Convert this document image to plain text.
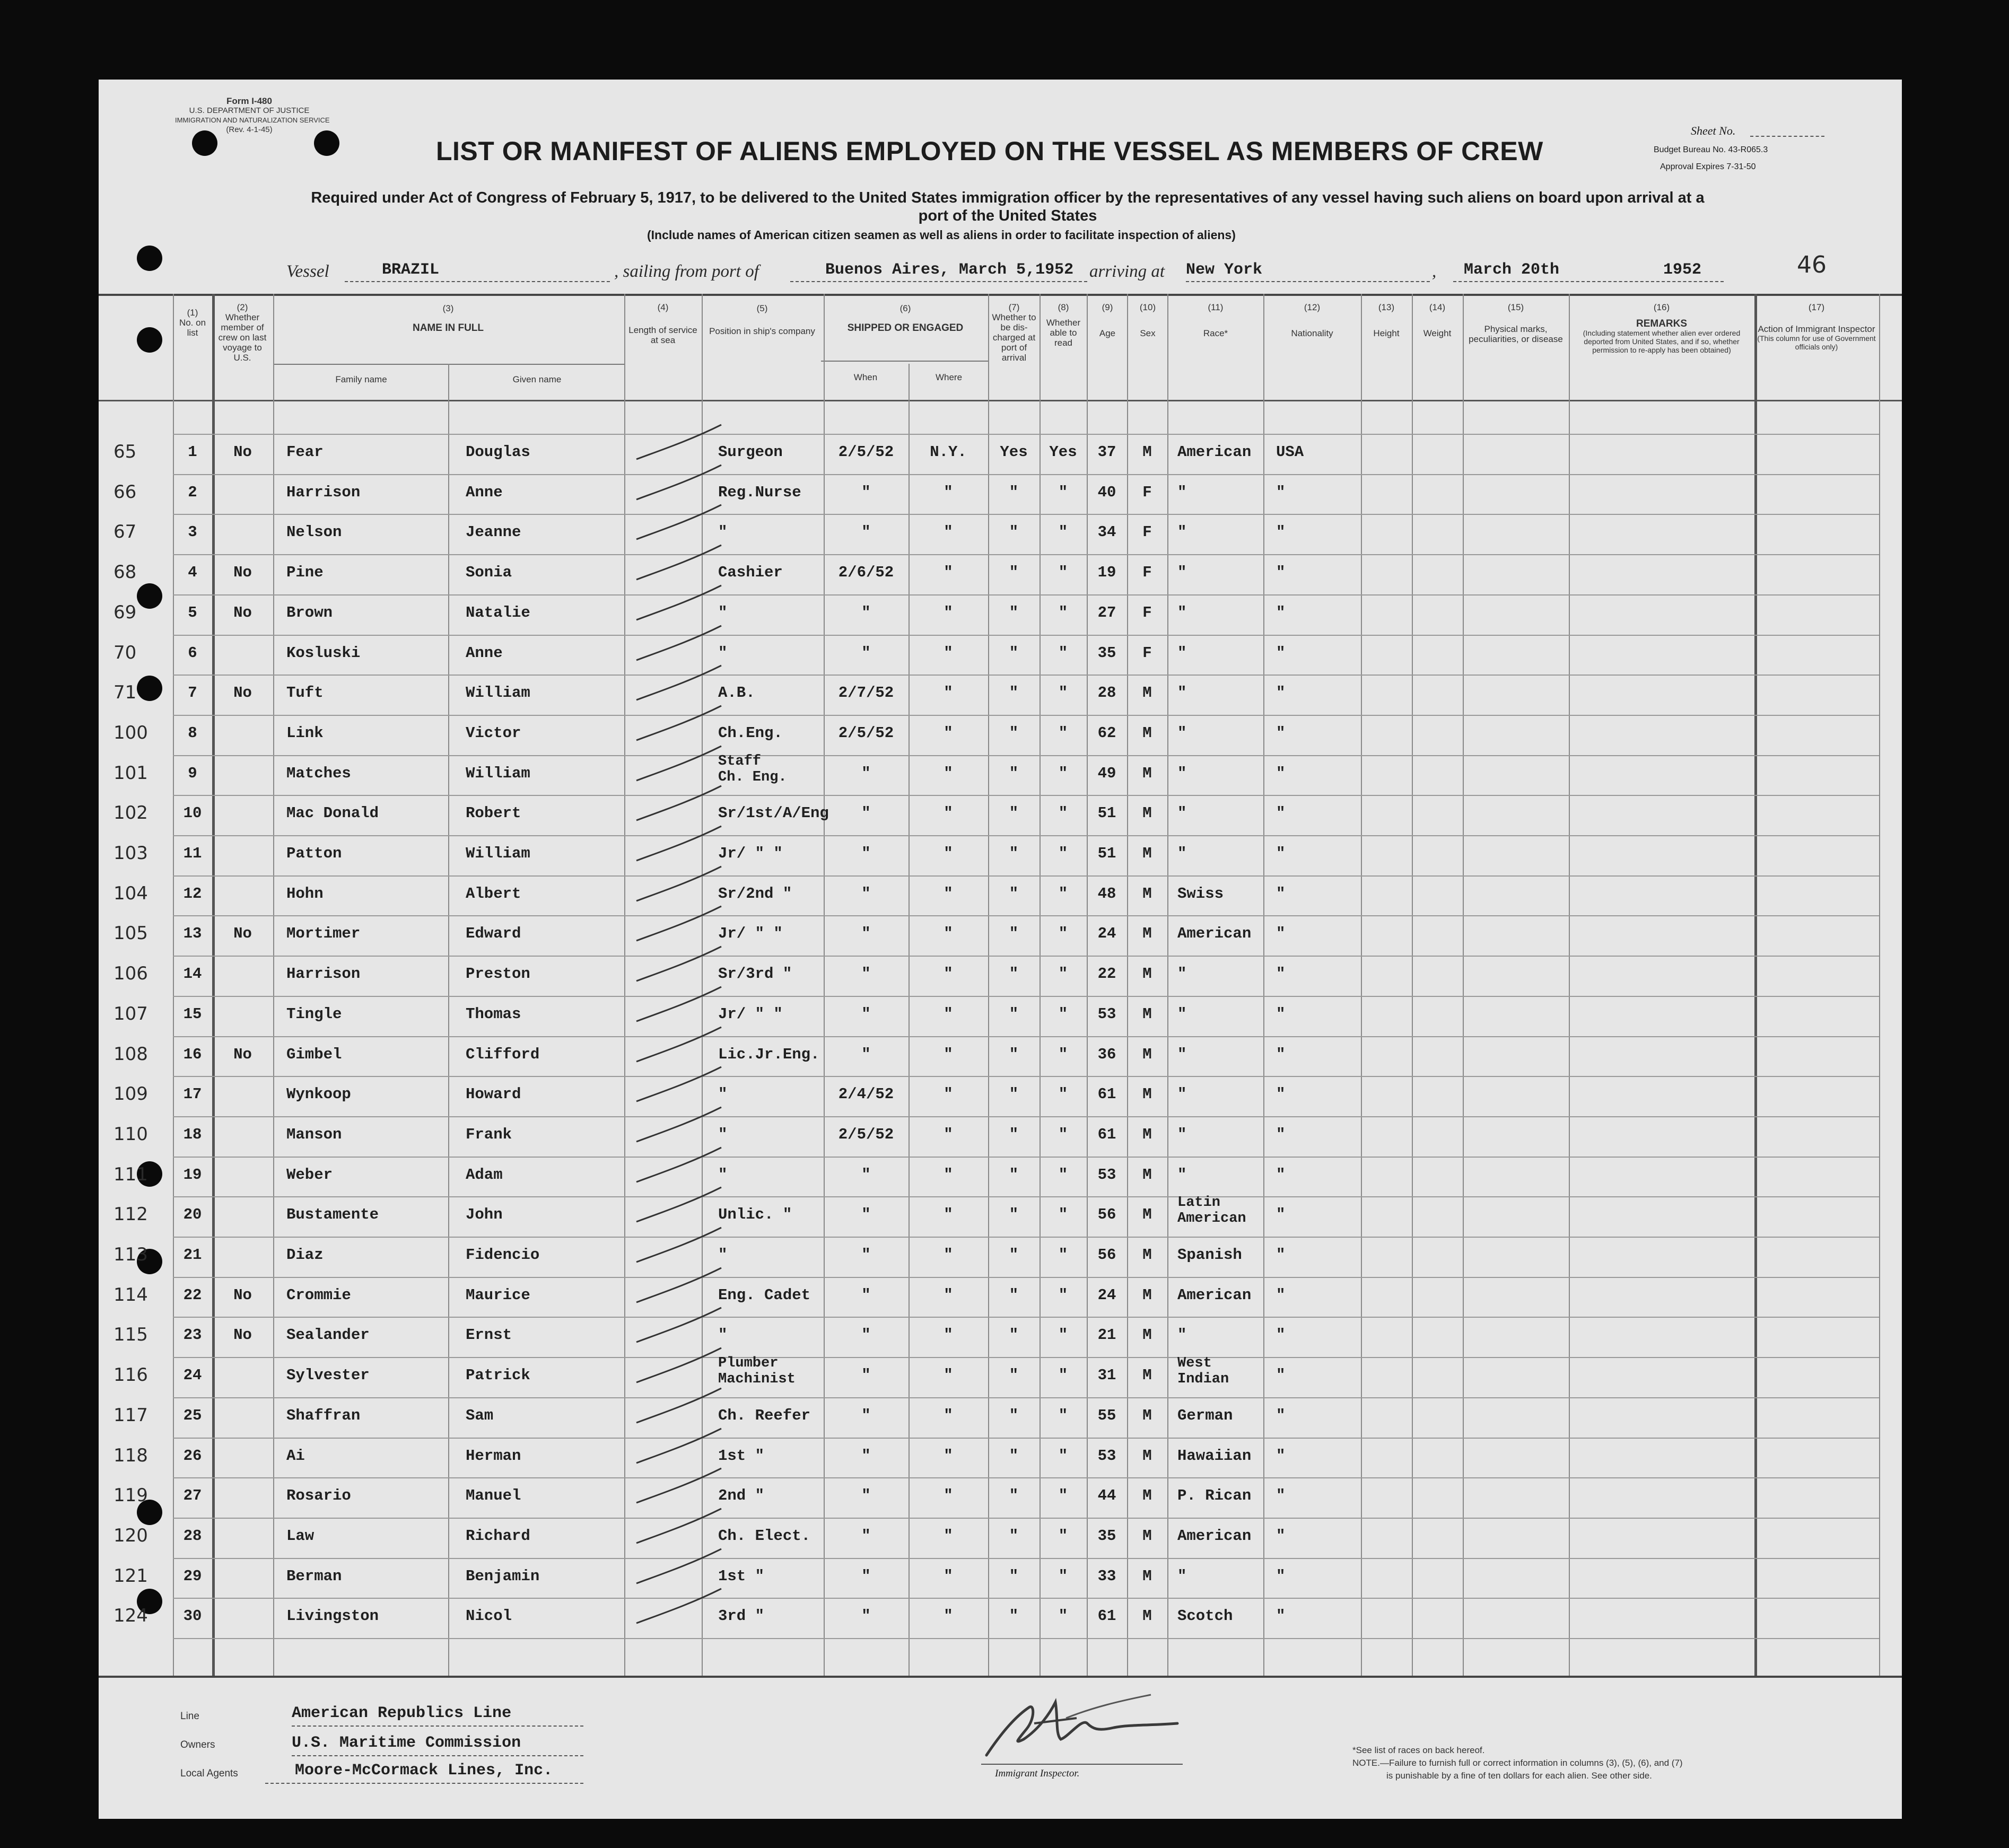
Form I-480
U.S. DEPARTMENT OF JUSTICE
IMMIGRATION AND NATURALIZATION SERVICE
(Rev. 4-1-45)	Sheet No.
Budget Bureau No. 43-R065.3
Approval Expires 7-31-50
LIST OR MANIFEST OF ALIENS EMPLOYED ON THE VESSEL AS MEMBERS OF CREW
Required under Act of Congress of February 5, 1917, to be delivered to the United States immigration officer by the representatives of any vessel having such aliens on board upon arrival at a
port of the United States
(Include names of American citizen seamen as well as aliens in order to facilitate inspection of aliens)
Vessel	BRAZIL	, sailing from port of	Buenos Aires, March 5,1952 arriving at New York	, March 20th	1952	46
(1)
No. on list
(2)
Whether member of crew on last voyage to U.S.
(3)
NAME IN FULL
Family name	Given name
(4)
Length of service at sea
(5)
Position in ship's company
(6)
SHIPPED OR ENGAGED
When	Where
(7)
Whether to be dis-charged at port of arrival
(8)
Whether able to read
(9)
Age
(10)
Sex
(11)
Race*
(12)
Nationality
(13)
Height
(14)
Weight
(15)
Physical marks, peculiarities, or disease
(16)
REMARKS
(Including statement whether alien ever ordered deported from United States, and if so, whether permission to re-apply has been obtained)
(17)
Action of Immigrant Inspector
(This column for use of Government officials only)
65	1	No	Fear	Douglas	Surgeon	2/5/52	N.Y.	Yes	Yes	37	M	American USA
66	2	Harrison	Anne	Reg.Nurse	"	"	"	"	40	F	"	"
67	3	Nelson	Jeanne	"	"	"	"	"	34	F	"	"
68	4	No	Pine	Sonia	Cashier	2/6/52	"	"	"	19	F	"	"
69	5	No	Brown	Natalie	"	"	"	"	"	27	F	"	"
70	6	Kosluski	Anne	"	"	"	"	"	35	F	"	"
71	7	No	Tuft	William	A.B.	2/7/52	"	"	"	28	M	"	"
100	8	Link	Victor	Ch.Eng.	2/5/52	"	"	"	62	M	"	"
101	9	Matches	William
Staff
Ch. Eng.	"	"	"	"	49	M	"	"
102	10	Mac Donald	Robert	Sr/1st/A/Eng	"	"	"	"	51	M	"	"
103	11	Patton	William	Jr/ " "	"	"	"	"	51	M	"	"
104	12	Hohn	Albert	Sr/2nd "	"	"	"	"	48	M	Swiss	"
105	13	No	Mortimer	Edward	Jr/ " "	"	"	"	"	24	M	American "
106	14	Harrison	Preston	Sr/3rd "	"	"	"	"	22	M	"	"
107	15	Tingle	Thomas	Jr/ " "	"	"	"	"	53	M	"	"
108	16	No	Gimbel	Clifford	Lic.Jr.Eng.	"	"	"	"	36	M	"	"
109	17	Wynkoop	Howard	"	2/4/52	"	"	"	61	M	"	"
110	18	Manson	Frank	"	2/5/52	"	"	"	61	M	"	"
111	19	Weber	Adam	"	"	"	"	"	53	M	"	"
112	20	Bustamente	John	Unlic. "	"	"	"	"	56	M
Latin
American "
113	21	Diaz	Fidencio	"	"	"	"	"	56	M	Spanish "
114	22	No	Crommie	Maurice	Eng. Cadet	"	"	"	"	24	M	American "
115	23	No	Sealander	Ernst	"	"	"	"	"	21	M	"	"
116	24	Sylvester	Patrick
Plumber
Machinist	"	"	"	"	31	M
West
Indian	"
117	25	Shaffran	Sam	Ch. Reefer	"	"	"	"	55	M	German	"
118	26	Ai	Herman	1st "	"	"	"	"	53	M	Hawaiian "
119	27	Rosario	Manuel	2nd "	"	"	"	"	44	M	P. Rican "
120	28	Law	Richard	Ch. Elect.	"	"	"	"	35	M	American "
121	29	Berman	Benjamin	1st "	"	"	"	"	33	M	"	"
124	30	Livingston	Nicol	3rd "	"	"	"	"	61	M	Scotch	"
Line	American Republics Line
Owners	U.S. Maritime Commission
Local Agents	Moore-McCormack Lines, Inc.	Immigrant Inspector.
*See list of races on back hereof.
NOTE.—Failure to furnish full or correct information in columns (3), (5), (6), and (7)
is punishable by a fine of ten dollars for each alien. See other side.
